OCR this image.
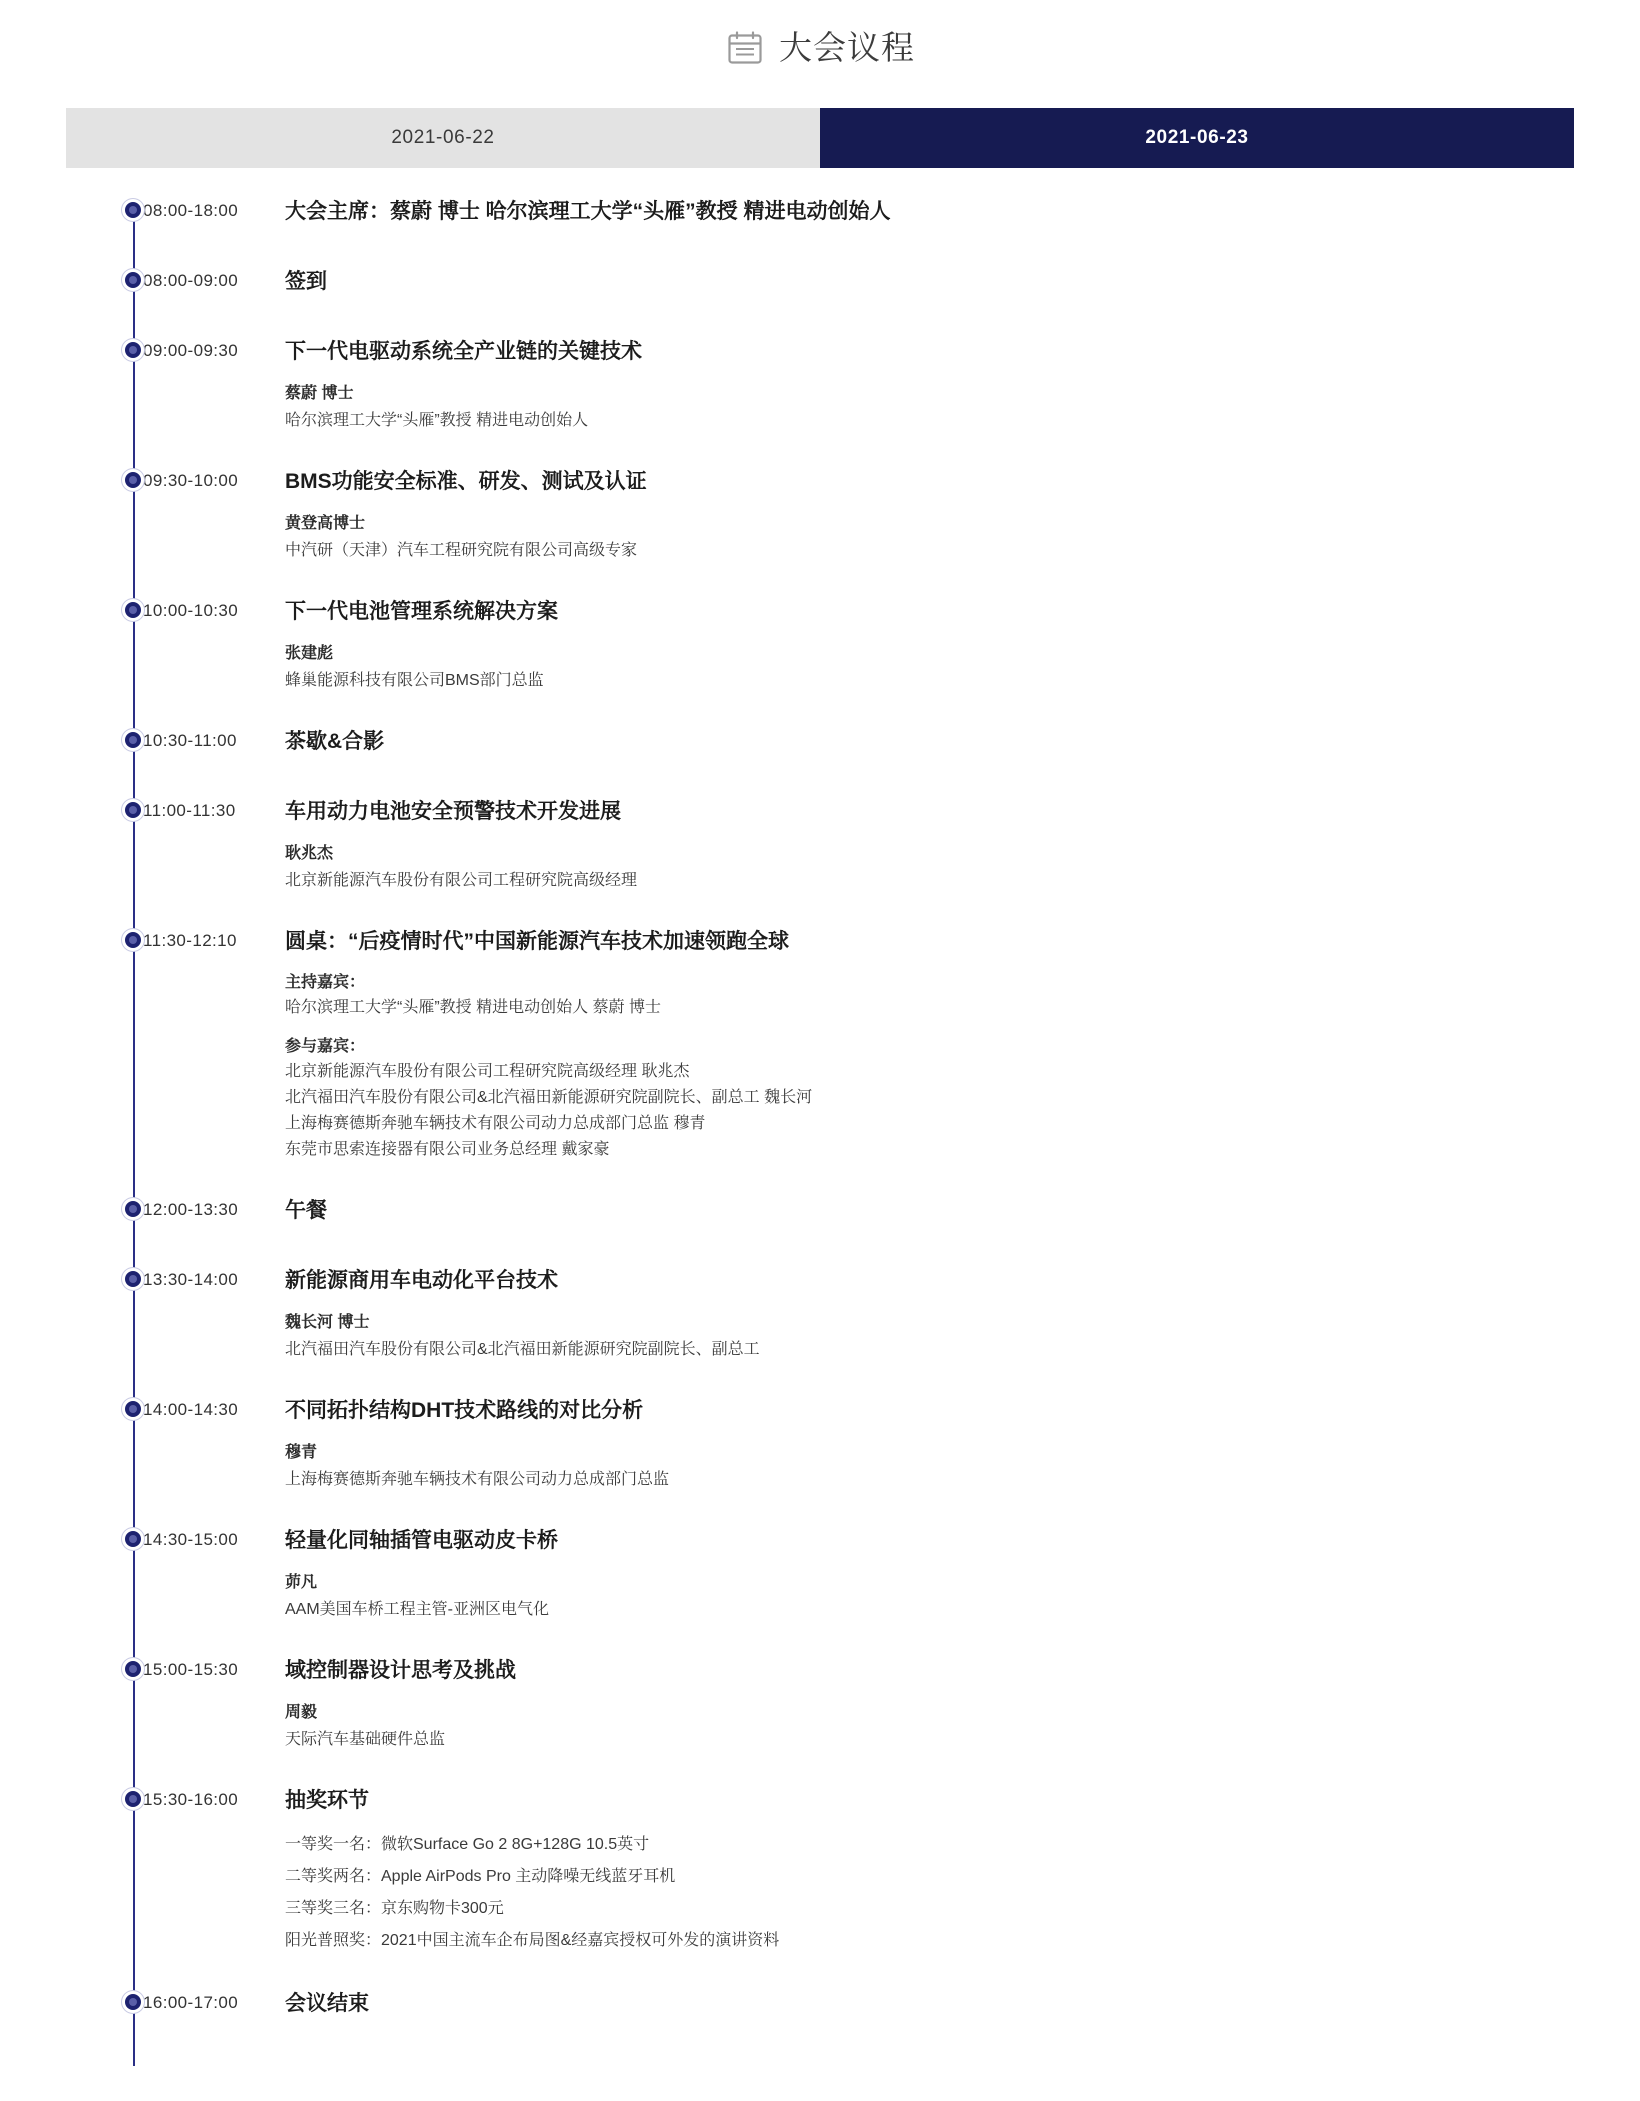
大会议程
2021-06-22	2021-06-23
08:00-18:00	大会主席：蔡蔚 博士 哈尔滨理工大学“头雁”教授 精进电动创始人
08:00-09:00	签到
09:00-09:30	下一代电驱动系统全产业链的关键技术
蔡蔚 博士
哈尔滨理工大学“头雁”教授 精进电动创始人
09:30-10:00	BMS功能安全标准、研发、测试及认证
黄登高博士
中汽研（天津）汽车工程研究院有限公司高级专家
10:00-10:30	下一代电池管理系统解决方案
张建彪
蜂巢能源科技有限公司BMS部门总监
10:30-11:00	茶歇&合影
11:00-11:30	车用动力电池安全预警技术开发进展
耿兆杰
北京新能源汽车股份有限公司工程研究院高级经理
11:30-12:10	圆桌：“后疫情时代”中国新能源汽车技术加速领跑全球
主持嘉宾：
哈尔滨理工大学“头雁”教授 精进电动创始人 蔡蔚 博士
参与嘉宾：
北京新能源汽车股份有限公司工程研究院高级经理 耿兆杰
北汽福田汽车股份有限公司&北汽福田新能源研究院副院长、副总工 魏长河
上海梅赛德斯奔驰车辆技术有限公司动力总成部门总监 穆青
东莞市思索连接器有限公司业务总经理 戴家豪
12:00-13:30	午餐
13:30-14:00	新能源商用车电动化平台技术
魏长河 博士
北汽福田汽车股份有限公司&北汽福田新能源研究院副院长、副总工
14:00-14:30	不同拓扑结构DHT技术路线的对比分析
穆青
上海梅赛德斯奔驰车辆技术有限公司动力总成部门总监
14:30-15:00	轻量化同轴插管电驱动皮卡桥
茆凡
AAM美国车桥工程主管-亚洲区电气化
15:00-15:30	域控制器设计思考及挑战
周毅
天际汽车基础硬件总监
15:30-16:00	抽奖环节
一等奖一名：微软Surface Go 2 8G+128G 10.5英寸
二等奖两名：Apple AirPods Pro 主动降噪无线蓝牙耳机
三等奖三名：京东购物卡300元
阳光普照奖：2021中国主流车企布局图&经嘉宾授权可外发的演讲资料
16:00-17:00	会议结束
